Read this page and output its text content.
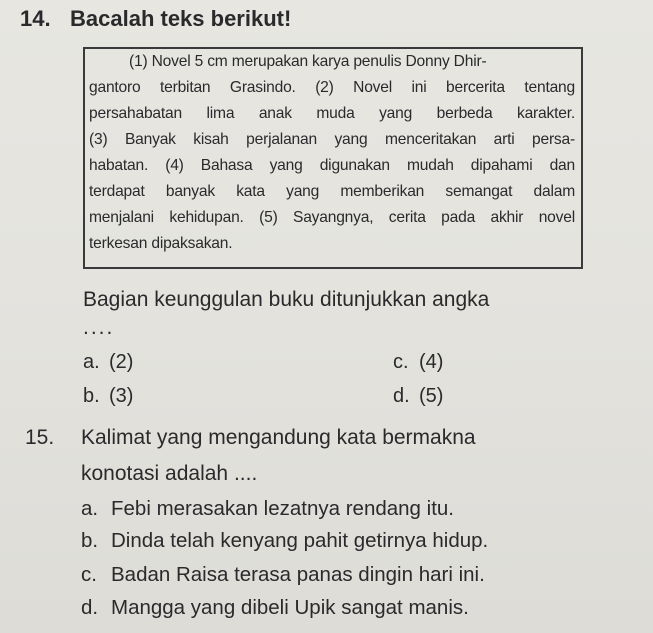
14. Bacalah teks berikut!
(1) Novel 5 cm merupakan karya penulis Donny Dhir-
gantoro terbitan Grasindo. (2) Novel ini bercerita tentang
persahabatan lima anak muda yang berbeda karakter.
(3) Banyak kisah perjalanan yang menceritakan arti persa-
habatan. (4) Bahasa yang digunakan mudah dipahami dan
terdapat banyak kata yang memberikan semangat dalam
menjalani kehidupan. (5) Sayangnya, cerita pada akhir novel
terkesan dipaksakan.
Bagian keunggulan buku ditunjukkan angka
....
a. (2)
b. (3)
c. (4)
d. (5)
15. Kalimat yang mengandung kata bermakna
konotasi adalah ....
a. Febi merasakan lezatnya rendang itu.
b. Dinda telah kenyang pahit getirnya hidup.
c. Badan Raisa terasa panas dingin hari ini.
d. Mangga yang dibeli Upik sangat manis.
